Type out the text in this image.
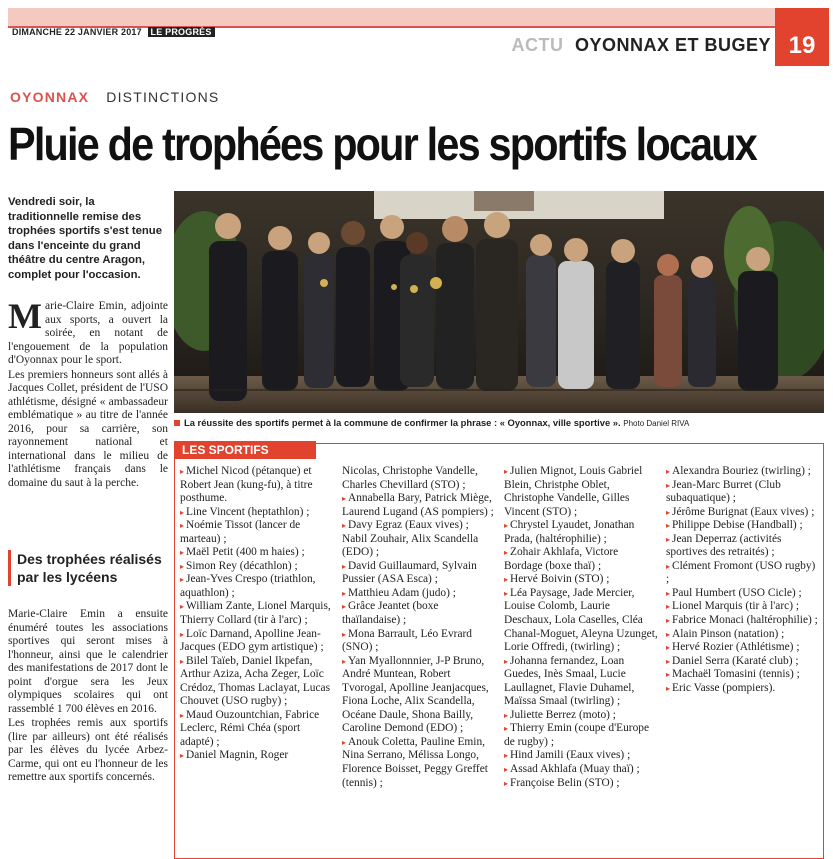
DIMANCHE 22 JANVIER 2017 LE PROGRÈS
ACTU OYONNAX ET BUGEY 19
OYONNAX DISTINCTIONS
Pluie de trophées pour les sportifs locaux
Vendredi soir, la traditionnelle remise des trophées sportifs s'est tenue dans l'enceinte du grand théâtre du centre Aragon, complet pour l'occasion.

Marie-Claire Emin, adjointe aux sports, a ouvert la soirée, en notant de l'engouement de la population d'Oyonnax pour le sport.

Les premiers honneurs sont allés à Jacques Collet, président de l'USO athlétisme, désigné « ambassadeur emblématique » au titre de l'année 2016, pour sa carrière, son rayonnement national et international dans le milieu de l'athlétisme français dans le domaine du saut à la perche.

Des trophées réalisés par les lycéens

Marie-Claire Emin a ensuite énuméré toutes les associations sportives qui seront mises à l'honneur, ainsi que le calendrier des manifestations de 2017 dont le point d'orgue sera les Jeux olympiques scolaires qui ont rassemblé 1 700 élèves en 2016.

Les trophées remis aux sportifs (lire par ailleurs) ont été réalisés par les élèves du lycée Arbez-Carme, qui ont eu l'honneur de les remettre aux sportifs concernés.

La réussite des sportifs permet à la commune de confirmer la phrase : « Oyonnax, ville sportive ». Photo Daniel RIVA
LES SPORTIFS

▸ Michel Nicod (pétanque) et Robert Jean (kung-fu), à titre posthume.

▸ Line Vincent (heptathlon) ;

▸ Noémie Tissot (lancer de marteau) ;

▸ Maël Petit (400 m haies) ;

▸ Simon Rey (décathlon) ;

▸ Jean-Yves Crespo (triathlon, aquathlon) ;

▸ William Zante, Lionel Marquis, Thierry Collard (tir à l'arc) ;

▸ Loïc Darnand, Apolline Jean-Jacques (EDO gym artistique) ;

▸ Bilel Taïeb, Daniel Ikpefan, Arthur Aziza, Acha Zeger, Loïc Crédoz, Thomas Laclayat, Lucas Chouvet (USO rugby) ;

▸ Maud Ouzountchian, Fabrice Leclerc, Rémi Chéa (sport adapté) ;

▸ Daniel Magnin, Roger

Nicolas, Christophe Vandelle, Charles Chevillard (STO) ;

▸ Annabella Bary, Patrick Miège, Laurend Lugand (AS pompiers) ;

▸ Davy Egraz (Eaux vives) ; Nabil Zouhair, Alix Scandella (EDO) ;

▸ David Guillaumard, Sylvain Pussier (ASA Esca) ;

▸ Matthieu Adam (judo) ;

▸ Grâce Jeantet (boxe thaïlandaise) ;

▸ Mona Barrault, Léo Evrard (SNO) ;

▸ Yan Myallonnnier, J-P Bruno, André Muntean, Robert Tvorogal, Apolline Jeanjacques, Fiona Loche, Alix Scandella, Océane Daule, Shona Bailly, Caroline Demond (EDO) ;

▸ Anouk Coletta, Pauline Emin, Nina Serrano, Mélissa Longo, Florence Boisset, Peggy Greffet (tennis) ;

▸ Julien Mignot, Louis Gabriel Blein, Christphe Oblet, Christophe Vandelle, Gilles Vincent (STO) ;

▸ Chrystel Lyaudet, Jonathan Prada, (haltérophilie) ;

▸ Zohair Akhlafa, Victore Bordage (boxe thaï) ;

▸ Hervé Boivin (STO) ;

▸ Léa Paysage, Jade Mercier, Louise Colomb, Laurie Deschaux, Lola Caselles, Cléa Chanal-Moguet, Aleyna Uzunget, Lorie Offredi, (twirling) ;

▸ Johanna fernandez, Loan Guedes, Inès Smaal, Lucie Laullagnet, Flavie Duhamel, Maïssa Smaal (twirling) ;

▸ Juliette Berrez (moto) ;

▸ Thierry Emin (coupe d'Europe de rugby) ;

▸ Hind Jamili (Eaux vives) ;

▸ Assad Akhlafa (Muay thaï) ;

▸ Françoise Belin (STO) ;

▸ Alexandra Bouriez (twirling) ;

▸ Jean-Marc Burret (Club subaquatique) ;

▸ Jérôme Burignat (Eaux vives) ;

▸ Philippe Debise (Handball) ;

▸ Jean Deperraz (activités sportives des retraités) ;

▸ Clément Fromont (USO rugby) ;

▸ Paul Humbert (USO Cicle) ;

▸ Lionel Marquis (tir à l'arc) ;

▸ Fabrice Monaci (haltérophilie) ;

▸ Alain Pinson (natation) ;

▸ Hervé Rozier (Athlétisme) ;

▸ Daniel Serra (Karaté club) ;

▸ Machaël Tomasini (tennis) ;

▸ Eric Vasse (pompiers).
